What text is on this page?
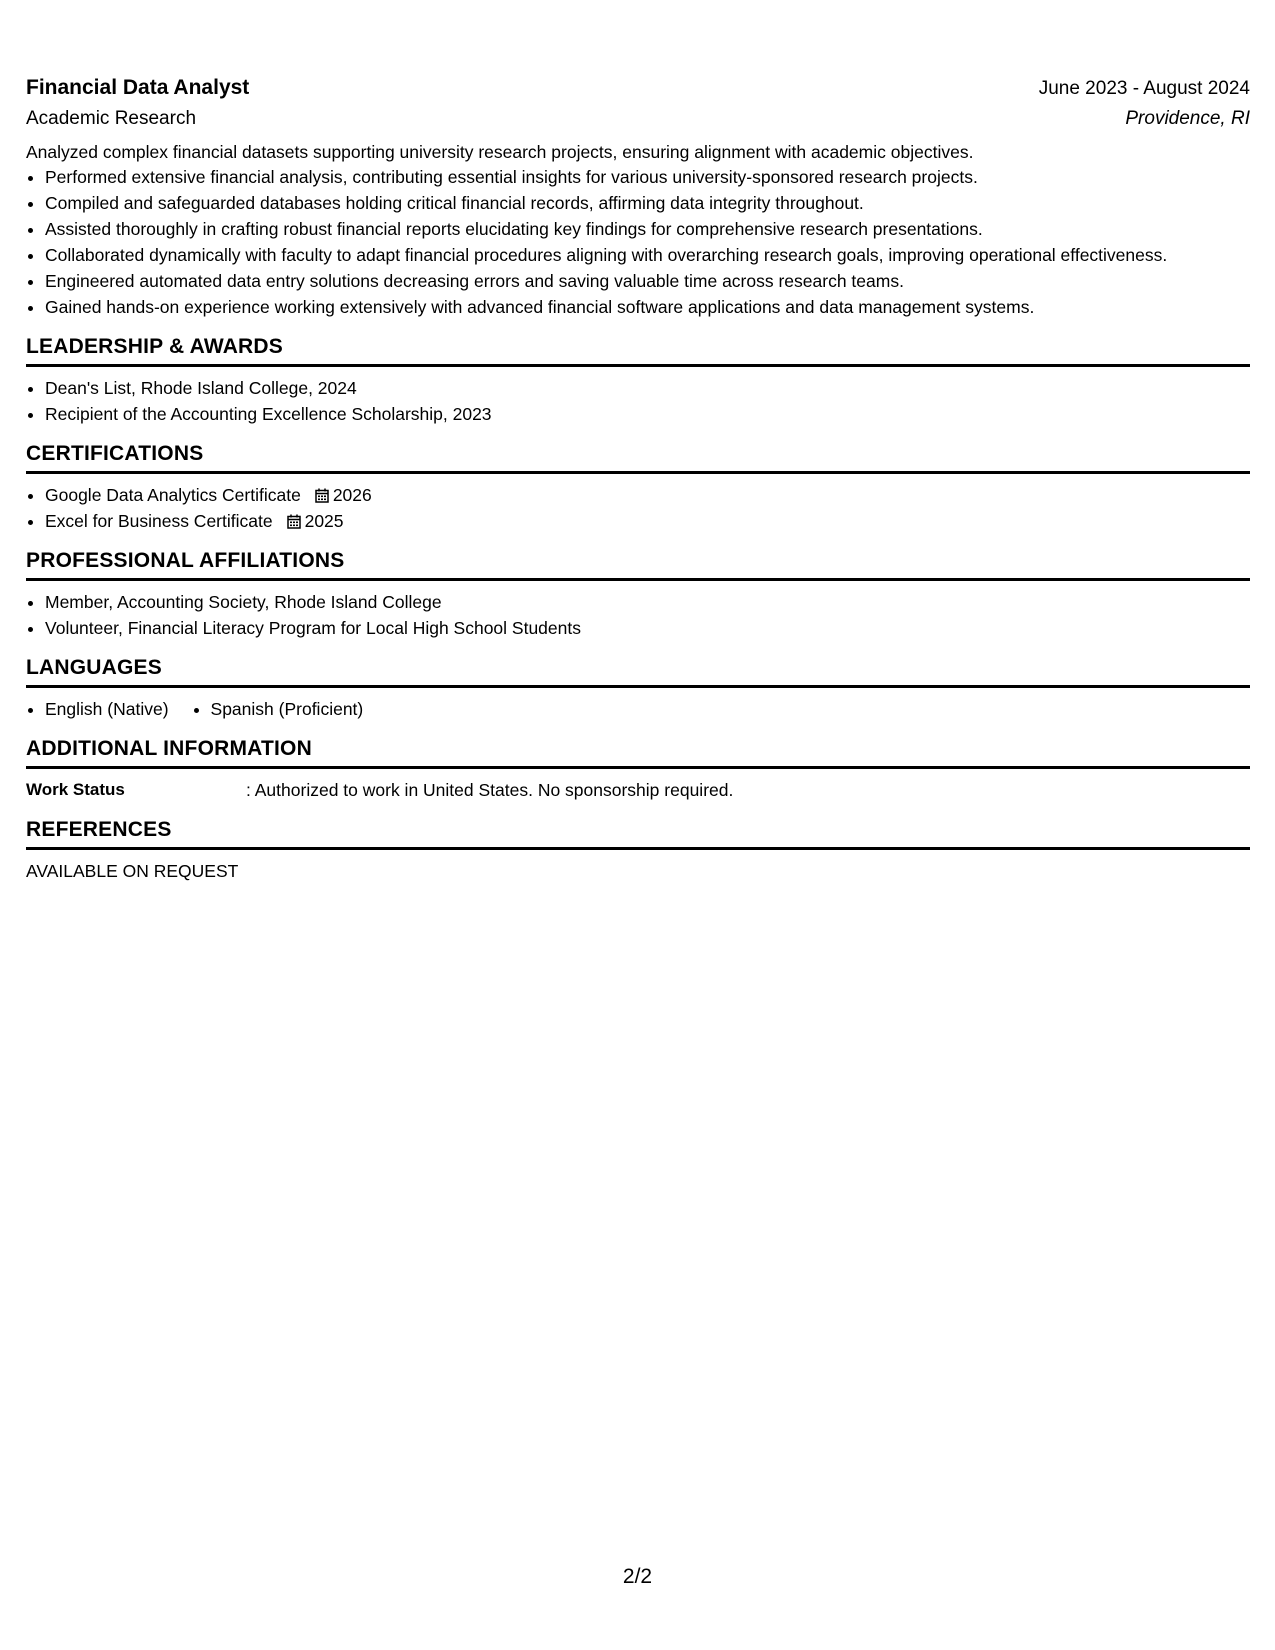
Financial Data Analyst	June 2023 - August 2024
Academic Research	Providence, RI
Analyzed complex financial datasets supporting university research projects, ensuring alignment with academic objectives.
• Performed extensive financial analysis, contributing essential insights for various university-sponsored research projects.
• Compiled and safeguarded databases holding critical financial records, affirming data integrity throughout.
• Assisted thoroughly in crafting robust financial reports elucidating key findings for comprehensive research presentations.
• Collaborated dynamically with faculty to adapt financial procedures aligning with overarching research goals, improving operational effectiveness.
• Engineered automated data entry solutions decreasing errors and saving valuable time across research teams.
• Gained hands-on experience working extensively with advanced financial software applications and data management systems.
LEADERSHIP & AWARDS
• Dean's List, Rhode Island College, 2024
• Recipient of the Accounting Excellence Scholarship, 2023
CERTIFICATIONS
• Google Data Analytics Certificate 2026
• Excel for Business Certificate 2025
PROFESSIONAL AFFILIATIONS
• Member, Accounting Society, Rhode Island College
• Volunteer, Financial Literacy Program for Local High School Students
LANGUAGES
• English (Native)
• Spanish (Proficient)
ADDITIONAL INFORMATION
Work Status	: Authorized to work in United States. No sponsorship required.
REFERENCES
AVAILABLE ON REQUEST
2/2
